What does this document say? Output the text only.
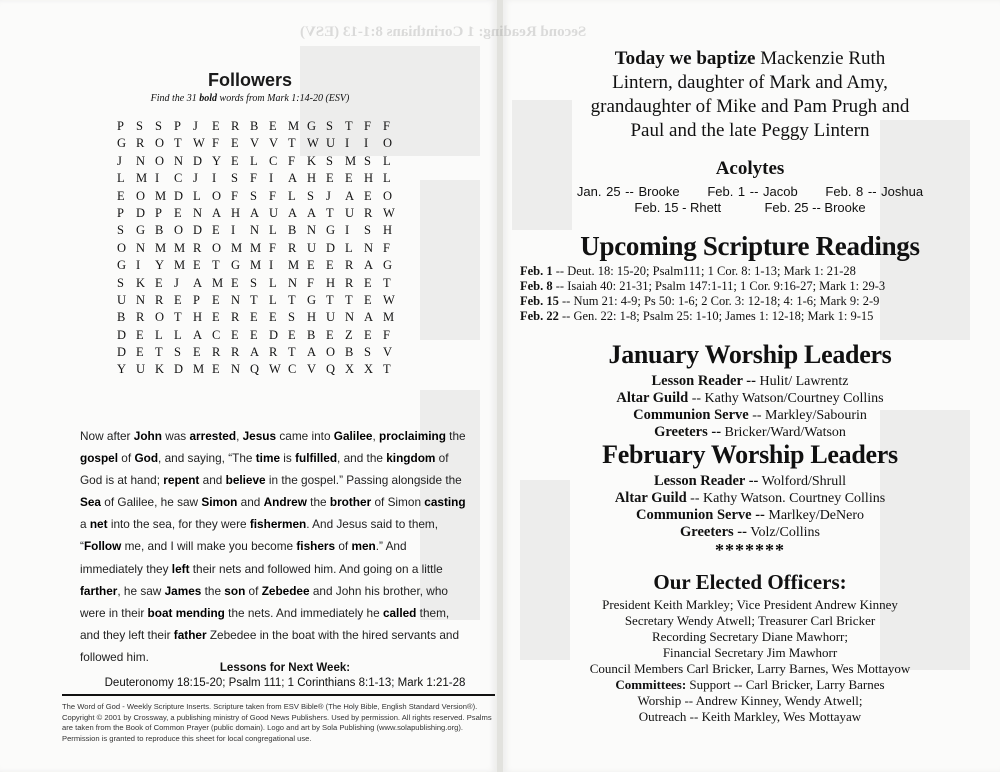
Second Reading: 1 Corinthians 8:1-13 (ESV)
Followers
Find the 31 bold words from Mark 1:14-20 (ESV)
P S S P J	E R B E M G S T F F
G R O T W F E V V T W U I	I	O
J	N O N D Y E L C F K S M S L
L M I	C J	I	S F I	A H E E H L
E O M D L O F S F L S J	A E O
P D P E N A H A U A A T U R W
S G B O D E I	N L B N G I	S H
O N M M R O M M F R U D L N F
G I	Y M E T G M I	M E E R A G
S K E J	A M E S L N F H R E T
U N R E P E N T L T G T T E W
B R O T H E R E E S H U N A M
D E L L A C E E D E B E Z E F
D E T S E R R A R T A O B S V
Y U K D M E N Q W C V Q X X T
Now after John was arrested, Jesus came into Galilee, proclaiming the gospel of God, and saying, “The time is fulfilled, and the kingdom of God is at hand; repent and believe in the gospel.” Passing alongside the Sea of Galilee, he saw Simon and Andrew the brother of Simon casting a net into the sea, for they were fishermen. And Jesus said to them, “Follow me, and I will make you become fishers of men.” And immediately they left their nets and followed him. And going on a little farther, he saw James the son of Zebedee and John his brother, who were in their boat mending the nets. And immediately he called them, and they left their father Zebedee in the boat with the hired servants and followed him.
Lessons for Next Week:
Deuteronomy 18:15-20; Psalm 111; 1 Corinthians 8:1-13; Mark 1:21-28
The Word of God - Weekly Scripture Inserts. Scripture taken from ESV Bible® (The Holy Bible, English Standard Version®). Copyright © 2001 by Crossway, a publishing ministry of Good News Publishers. Used by permission. All rights reserved. Psalms are taken from the Book of Common Prayer (public domain). Logo and art by Sola Publishing (www.solapublishing.org). Permission is granted to reproduce this sheet for local congregational use.
Today we baptize Mackenzie Ruth
Lintern, daughter of Mark and Amy,
grandaughter of Mike and Pam Prugh and
Paul and the late Peggy Lintern
Acolytes
Jan. 25 -- Brooke Feb. 1 -- Jacob Feb. 8 -- Joshua
Feb. 15 - Rhett	Feb. 25 -- Brooke
Upcoming Scripture Readings
Feb. 1 -- Deut. 18: 15-20; Psalm111; 1 Cor. 8: 1-13; Mark 1: 21-28
Feb. 8 -- Isaiah 40: 21-31; Psalm 147:1-11; 1 Cor. 9:16-27; Mark 1: 29-3
Feb. 15 -- Num 21: 4-9; Ps 50: 1-6; 2 Cor. 3: 12-18; 4: 1-6; Mark 9: 2-9
Feb. 22 -- Gen. 22: 1-8; Psalm 25: 1-10; James 1: 12-18; Mark 1: 9-15
January Worship Leaders
Lesson Reader -- Hulit/ Lawrentz
Altar Guild -- Kathy Watson/Courtney Collins
Communion Serve -- Markley/Sabourin
Greeters -- Bricker/Ward/Watson
February Worship Leaders
Lesson Reader -- Wolford/Shrull
Altar Guild -- Kathy Watson. Courtney Collins
Communion Serve -- Marlkey/DeNero
Greeters -- Volz/Collins
*******
Our Elected Officers:
President Keith Markley; Vice President Andrew Kinney
Secretary Wendy Atwell; Treasurer Carl Bricker
Recording Secretary Diane Mawhorr;
Financial Secretary Jim Mawhorr
Council Members Carl Bricker, Larry Barnes, Wes Mottayow
Committees: Support -- Carl Bricker, Larry Barnes
Worship -- Andrew Kinney, Wendy Atwell;
Outreach -- Keith Markley, Wes Mottayaw
